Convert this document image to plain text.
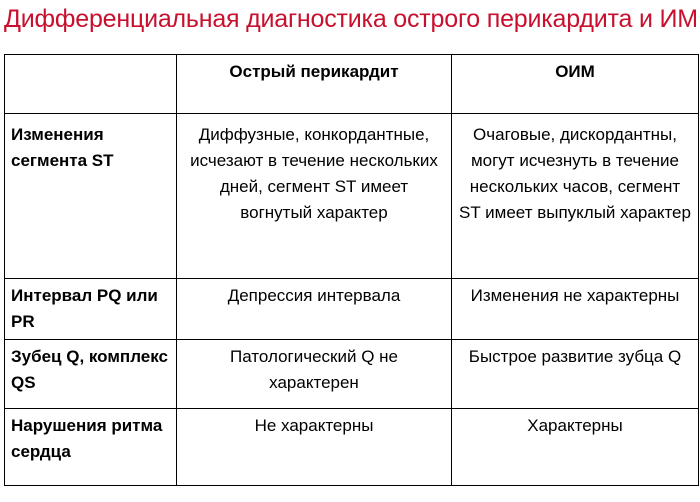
Дифференциальная диагностика острого перикардита и ИМ
	Острый перикардит	ОИМ
Изменения сегмента ST	Диффузные, конкордантные, исчезают в течение нескольких дней, сегмент ST имеет вогнутый характер	Очаговые, дискордантны, могут исчезнуть в течение нескольких часов, сегмент ST имеет выпуклый характер
Интервал PQ или PR	Депрессия интервала	Изменения не характерны
Зубец Q, комплекс QS	Патологический Q не характерен	Быстрое развитие зубца Q
Нарушения ритма сердца	Не характерны	Характерны
